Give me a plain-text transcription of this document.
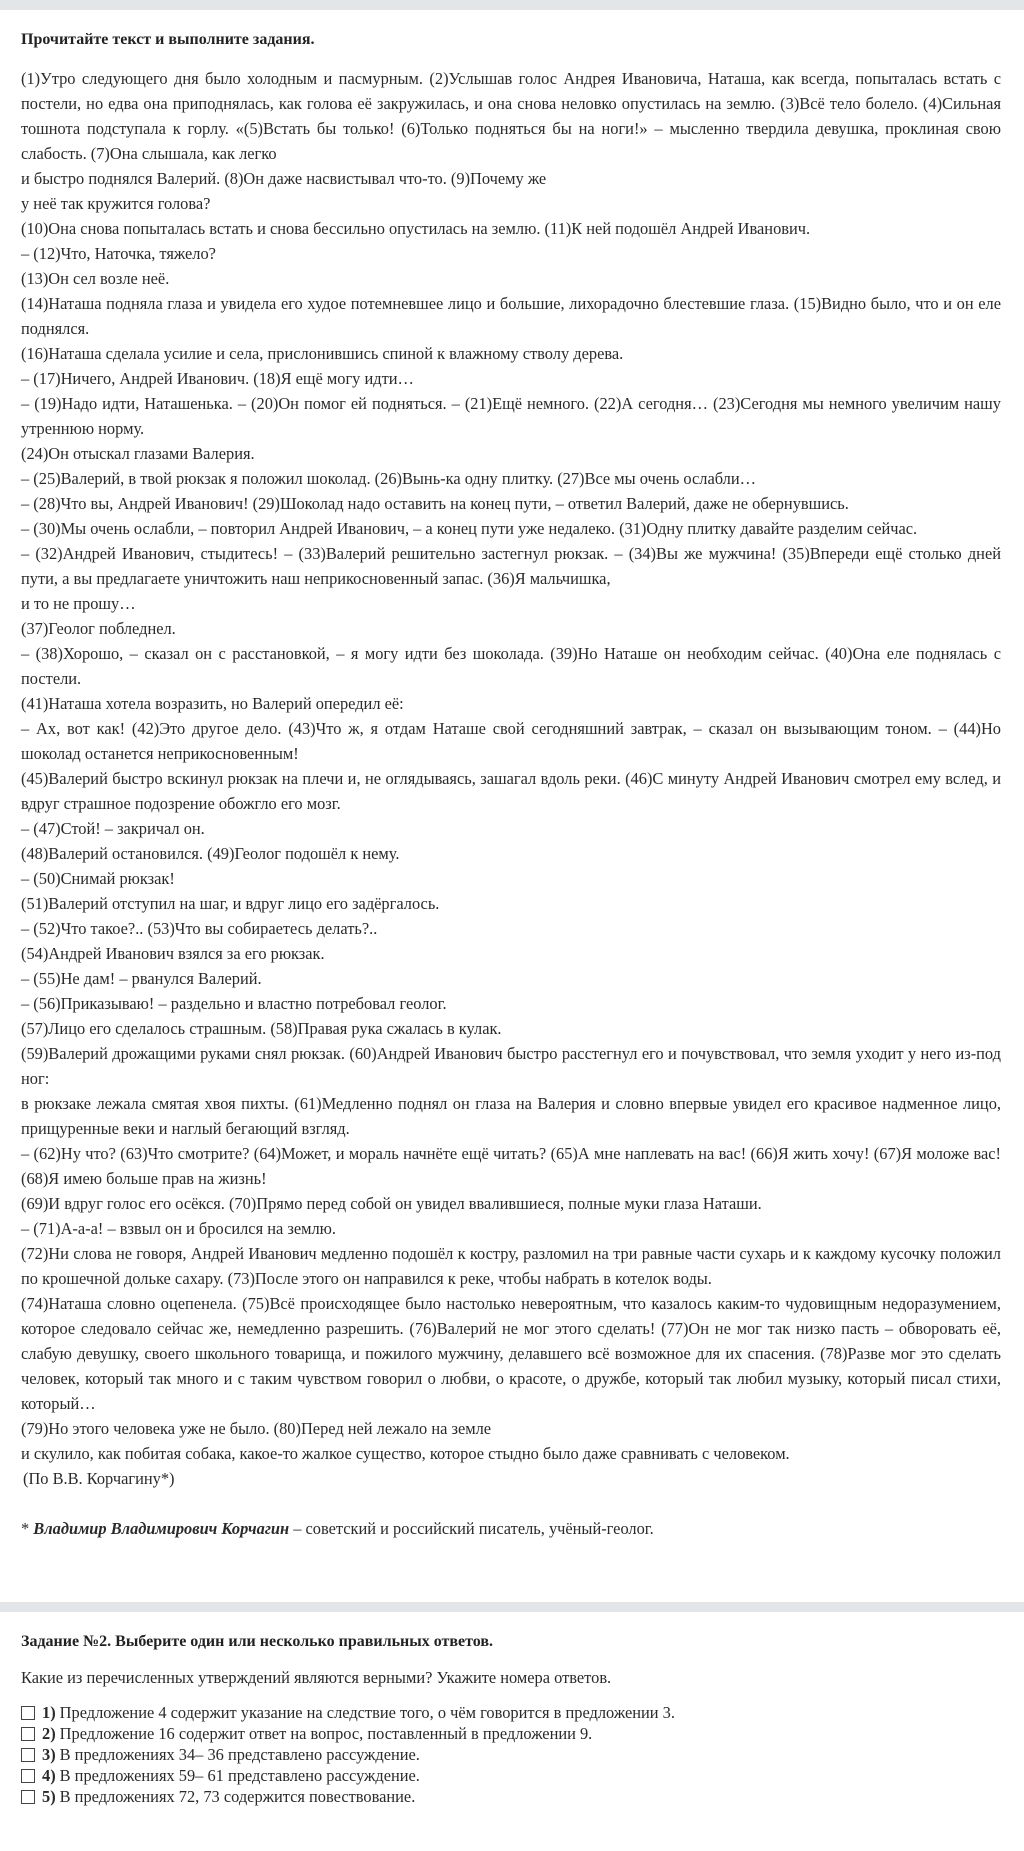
Прочитайте текст и выполните задания.

(1)Утро следующего дня было холодным и пасмурным. (2)Услышав голос Андрея Ивановича, Наташа, как всегда, попыталась встать с постели, но едва она приподнялась, как голова её закружилась, и она снова неловко опустилась на землю. (3)Всё тело болело. (4)Сильная тошнота подступала к горлу. «(5)Встать бы только! (6)Только подняться бы на ноги!» – мысленно твердила девушка, проклиная свою слабость. (7)Она слышала, как легко

и быстро поднялся Валерий. (8)Он даже насвистывал что-то. (9)Почему же

у неё так кружится голова?

(10)Она снова попыталась встать и снова бессильно опустилась на землю. (11)К ней подошёл Андрей Иванович.

– (12)Что, Наточка, тяжело?

(13)Он сел возле неё.

(14)Наташа подняла глаза и увидела его худое потемневшее лицо и большие, лихорадочно блестевшие глаза. (15)Видно было, что и он еле поднялся.

(16)Наташа сделала усилие и села, прислонившись спиной к влажному стволу дерева.

– (17)Ничего, Андрей Иванович. (18)Я ещё могу идти…

– (19)Надо идти, Наташенька. – (20)Он помог ей подняться. – (21)Ещё немного. (22)А сегодня… (23)Сегодня мы немного увеличим нашу утреннюю норму.

(24)Он отыскал глазами Валерия.

– (25)Валерий, в твой рюкзак я положил шоколад. (26)Вынь-ка одну плитку. (27)Все мы очень ослабли…

– (28)Что вы, Андрей Иванович! (29)Шоколад надо оставить на конец пути, – ответил Валерий, даже не обернувшись.

– (30)Мы очень ослабли, – повторил Андрей Иванович, – а конец пути уже недалеко. (31)Одну плитку давайте разделим сейчас.

– (32)Андрей Иванович, стыдитесь! – (33)Валерий решительно застегнул рюкзак. – (34)Вы же мужчина! (35)Впереди ещё столько дней пути, а вы предлагаете уничтожить наш неприкосновенный запас. (36)Я мальчишка,

и то не прошу…

(37)Геолог побледнел.

– (38)Хорошо, – сказал он с расстановкой, – я могу идти без шоколада. (39)Но Наташе он необходим сейчас. (40)Она еле поднялась с постели.

(41)Наташа хотела возразить, но Валерий опередил её:

– Ах, вот как! (42)Это другое дело. (43)Что ж, я отдам Наташе свой сегодняшний завтрак, – сказал он вызывающим тоном. – (44)Но шоколад останется неприкосновенным!

(45)Валерий быстро вскинул рюкзак на плечи и, не оглядываясь, зашагал вдоль реки. (46)С минуту Андрей Иванович смотрел ему вслед, и вдруг страшное подозрение обожгло его мозг.

– (47)Стой! – закричал он.

(48)Валерий остановился. (49)Геолог подошёл к нему.

– (50)Снимай рюкзак!

(51)Валерий отступил на шаг, и вдруг лицо его задёргалось.

– (52)Что такое?.. (53)Что вы собираетесь делать?..

(54)Андрей Иванович взялся за его рюкзак.

– (55)Не дам! – рванулся Валерий.

– (56)Приказываю! – раздельно и властно потребовал геолог.

(57)Лицо его сделалось страшным. (58)Правая рука сжалась в кулак.

(59)Валерий дрожащими руками снял рюкзак. (60)Андрей Иванович быстро расстегнул его и почувствовал, что земля уходит у него из-под ног:

в рюкзаке лежала смятая хвоя пихты. (61)Медленно поднял он глаза на Валерия и словно впервые увидел его красивое надменное лицо, прищуренные веки и наглый бегающий взгляд.

– (62)Ну что? (63)Что смотрите? (64)Может, и мораль начнёте ещё читать? (65)А мне наплевать на вас! (66)Я жить хочу! (67)Я моложе вас! (68)Я имею больше прав на жизнь!

(69)И вдруг голос его осёкся. (70)Прямо перед собой он увидел ввалившиеся, полные муки глаза Наташи.

– (71)А-а-а! – взвыл он и бросился на землю.

(72)Ни слова не говоря, Андрей Иванович медленно подошёл к костру, разломил на три равные части сухарь и к каждому кусочку положил по крошечной дольке сахару. (73)После этого он направился к реке, чтобы набрать в котелок воды.

(74)Наташа словно оцепенела. (75)Всё происходящее было настолько невероятным, что казалось каким-то чудовищным недоразумением, которое следовало сейчас же, немедленно разрешить. (76)Валерий не мог этого сделать! (77)Он не мог так низко пасть – обворовать её, слабую девушку, своего школьного товарища, и пожилого мужчину, делавшего всё возможное для их спасения. (78)Разве мог это сделать человек, который так много и с таким чувством говорил о любви, о красоте, о дружбе, который так любил музыку, который писал стихи, который…

(79)Но этого человека уже не было. (80)Перед ней лежало на земле

и скулило, как побитая собака, какое-то жалкое существо, которое стыдно было даже сравнивать с человеком.

(По В.В. Корчагину*)

* Владимир Владимирович Корчагин – советский и российский писатель, учёный-геолог.
Задание №2. Выберите один или несколько правильных ответов.
Какие из перечисленных утверждений являются верными? Укажите номера ответов.
1) Предложение 4 содержит указание на следствие того, о чём говорится в предложении 3.
2) Предложение 16 содержит ответ на вопрос, поставленный в предложении 9.
3) В предложениях 34– 36 представлено рассуждение.
4) В предложениях 59– 61 представлено рассуждение.
5) В предложениях 72, 73 содержится повествование.
